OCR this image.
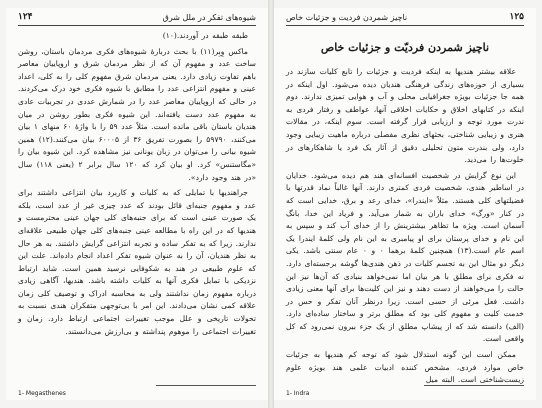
شیوه‌های تفکر در ملل شرق
۱۲۴

طبقه طبقه در آوردند.(۱۰)

ماکس وِبِر(۱۱) با بحث دربارهٔ شیوه‌های فکری مردمان باستان، روشن ساخت عدد و مفهوم آن که از نظر مردمان شرق و اروپاییان معاصر باهم تفاوت زیادی دارد. یعنی مردمان شرق مفهوم کلی را به کلی، اعداد عینی و مفهوم انتزاعی عدد را مطابق با شیوه فکری خود درک می‌کردند. در حالی که اروپاییان معاصر عدد را در شمارش عددی در تجربیات عادی به مفهوم عدد دست یافته‌اند. این شیوه فکری بطور روشن در میان هندیان باستان باقی مانده است. مثلاً عدد ۵۹ را با واژهٔ ۶۰ منهای ۱ بیان می‌کنند، ۵۹۷۹۰ را بصورت تفریق ۳۶ از ۶۰۰۰۵ بیان می‌کنند.(۱۲) همین شیوه بیانی را می‌توان در زبان یونانی نیز مشاهده کرد. این شیوه بیان را «مگاستنس» کرد. او بیان کرد که ۱۲۰ سال برابر ۲ (یعنی ۱۱۸) سال «در هند وجود دارد».

جراهندیها با تمایلی که به کلیات و کاربرد بیان انتزاعی داشتند برای عدد و مفهوم جنبه‌ای قائل بودند که عدد چیزی غیر از عدد است، بلکه یک صورت عینی است که برای جنبه‌های کلی جهان عینی محترمست و هندیها که در این راه با مطالعه عینی جنبه‌های کلی جهان طبیعی علاقه‌ای ندارند. زیرا که به تفکر ساده و تجربه انتزاعی گرایش داشتند. به هر حال به نظر هندیان، آن را به عنوان شیوه تفکر اعداد انجام داده‌اند. علت این که علوم طبیعی در هند به شکوفایی نرسید همین است. شاید ارتباط نزدیکی با تمایل فکری آنها به کلیات داشته باشد. هندیها، آگاهی زیادی درباره مفهوم زمان نداشتند ولی به محاسبه ادراک و توصیف کلی زمان علاقه کمی نشان می‌دادند. این امر با بی‌توجهی متفکران هندی نسبت به تحولات تاریخی و علل موجب تغییرات اجتماعی ارتباط دارد. زمان و تغییرات اجتماعی را موهوم پنداشته و بی‌ارزش می‌دانستند.

1- Megasthenes
۱۲۵
ناچیز شمردن فردیت و جزئیات خاص
ناچیز شمردن فردیّت و جزئیات خاص

علاقه بیشتر هندیها به اینکه فردیت و جزئیات را تابع کلیات سازند در بسیاری از حوزه‌های زندگی فرهنگی هندیان دیده می‌شود. اول اینکه در همه جا جزئیات بویژه جغرافیایی محلی و آب و هوایی تمیزی ندارند. دوم اینکه در کتابهای اخلاق و حکایات اخلاقی آنها، عواطف و رفتار فردی به ندرت مورد توجه و ارزیابی قرار گرفته است. سوم اینکه، در مقالات هنری و زیبایی شناختی، بحثهای نظری مفصلی درباره ماهیت زیبایی وجود دارد، ولی بندرت متون تحلیلی دقیق از آثار یک فرد یا شاهکارهای در خلوت‌ها را می‌دید.

این نوع گرایش در شخصیت افسانه‌ای هند هم دیده می‌شود. خدایان در اساطیر هندی، شخصیت فردی کمتری دارند. آنها غالباً نماد قدرتها یا فضیلتهای کلی هستند. مثلاً «ایندرا»، خدای رعد و برق، خدایی است که در کنار «ورگ» خدای باران به شمار می‌آید. و فریاد این خدا، بانگ آسمان است. ویژه ما تظاهر بیشترینش را از خدای آب کند و سپس به این نام و خدای پرستان برای او پیامبری به این نام ولی کلمهٔ ایندرا یک اسم عام است.(۱۳) همچنین کلمهٔ برهما ۰ و ۰ عام سنتی باشد. یکی دیگر دو مثال این به تجسم کلیات در ذهن هندی‌ها گوشه برجسته‌ای دارد. نه فکری برای مطلق با هر بیان اما نمی‌خواهد بنیادی که آن‌ها نیز این حالت را می‌خواهند از دست دهند و نیز این کلیت‌ها برای آنها معنی زیادی داشت. فعل مرئی از حسی است. زیرا درنظر آنان تفکر و حس در خدمت کلیت و مفهوم کلی بود که مطلق برتر و ساختار ساده‌ای دارد.(الف) دانسته شد که از پیشاپ مطلق از یک جزء بیرون نمی‌رود که کل واقعی است.

ممکن است این گونه استدلال شود که توجه کم هندیها به جزئیات خاص موارد فردی، مشخص کننده ادبیات علمی هند بویژه علوم زیست‌شناختی است. البته میل

1- Indra
